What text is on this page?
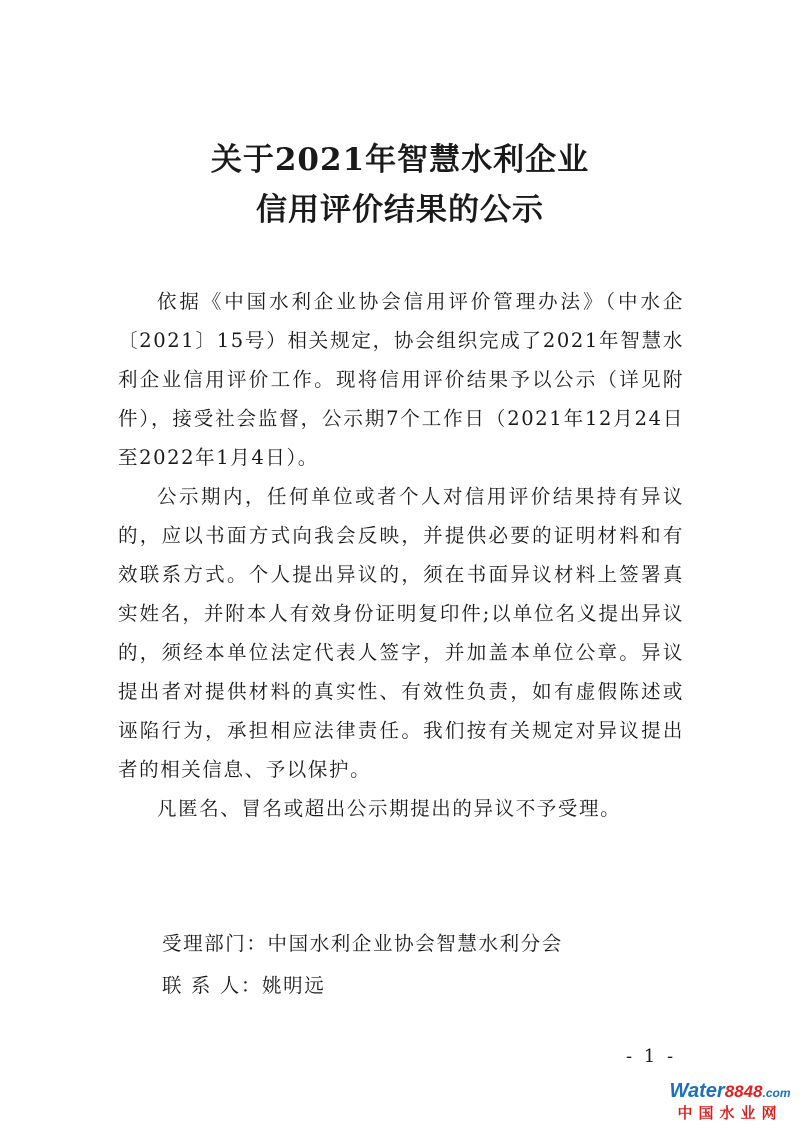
关于2021年智慧水利企业
信用评价结果的公示

依据《中国水利企业协会信用评价管理办法》（中水企〔2021〕15号）相关规定，协会组织完成了2021年智慧水利企业信用评价工作。现将信用评价结果予以公示（详见附件），接受社会监督，公示期7个工作日（2021年12月24日至2022年1月4日）。

公示期内，任何单位或者个人对信用评价结果持有异议的，应以书面方式向我会反映，并提供必要的证明材料和有效联系方式。个人提出异议的，须在书面异议材料上签署真实姓名，并附本人有效身份证明复印件;以单位名义提出异议的，须经本单位法定代表人签字，并加盖本单位公章。异议提出者对提供材料的真实性、有效性负责，如有虚假陈述或诬陷行为，承担相应法律责任。我们按有关规定对异议提出者的相关信息、予以保护。

凡匿名、冒名或超出公示期提出的异议不予受理。

受理部门：中国水利企业协会智慧水利分会
联 系 人：姚明远
- 1 -
Water8848.com
中国水业网
